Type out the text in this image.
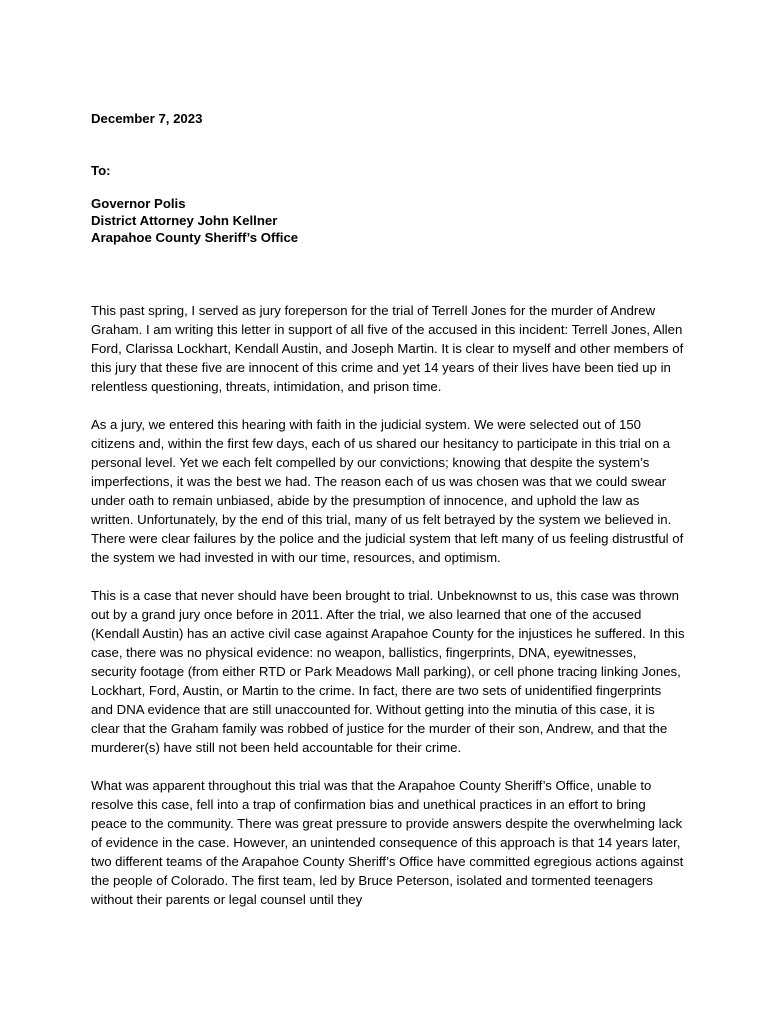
December 7, 2023

To:

Governor Polis

District Attorney John Kellner

Arapahoe County Sheriff’s Office

This past spring, I served as jury foreperson for the trial of Terrell Jones for the murder of Andrew Graham. I am writing this letter in support of all five of the accused in this incident: Terrell Jones, Allen Ford, Clarissa Lockhart, Kendall Austin, and Joseph Martin. It is clear to myself and other members of this jury that these five are innocent of this crime and yet 14 years of their lives have been tied up in relentless questioning, threats, intimidation, and prison time.

As a jury, we entered this hearing with faith in the judicial system. We were selected out of 150 citizens and, within the first few days, each of us shared our hesitancy to participate in this trial on a personal level. Yet we each felt compelled by our convictions; knowing that despite the system’s imperfections, it was the best we had. The reason each of us was chosen was that we could swear under oath to remain unbiased, abide by the presumption of innocence, and uphold the law as written. Unfortunately, by the end of this trial, many of us felt betrayed by the system we believed in. There were clear failures by the police and the judicial system that left many of us feeling distrustful of the system we had invested in with our time, resources, and optimism.

This is a case that never should have been brought to trial. Unbeknownst to us, this case was thrown out by a grand jury once before in 2011. After the trial, we also learned that one of the accused (Kendall Austin) has an active civil case against Arapahoe County for the injustices he suffered. In this case, there was no physical evidence: no weapon, ballistics, fingerprints, DNA, eyewitnesses, security footage (from either RTD or Park Meadows Mall parking), or cell phone tracing linking Jones, Lockhart, Ford, Austin, or Martin to the crime. In fact, there are two sets of unidentified fingerprints and DNA evidence that are still unaccounted for. Without getting into the minutia of this case, it is clear that the Graham family was robbed of justice for the murder of their son, Andrew, and that the murderer(s) have still not been held accountable for their crime.

What was apparent throughout this trial was that the Arapahoe County Sheriff’s Office, unable to resolve this case, fell into a trap of confirmation bias and unethical practices in an effort to bring peace to the community. There was great pressure to provide answers despite the overwhelming lack of evidence in the case. However, an unintended consequence of this approach is that 14 years later, two different teams of the Arapahoe County Sheriff’s Office have committed egregious actions against the people of Colorado. The first team, led by Bruce Peterson, isolated and tormented teenagers without their parents or legal counsel until they
